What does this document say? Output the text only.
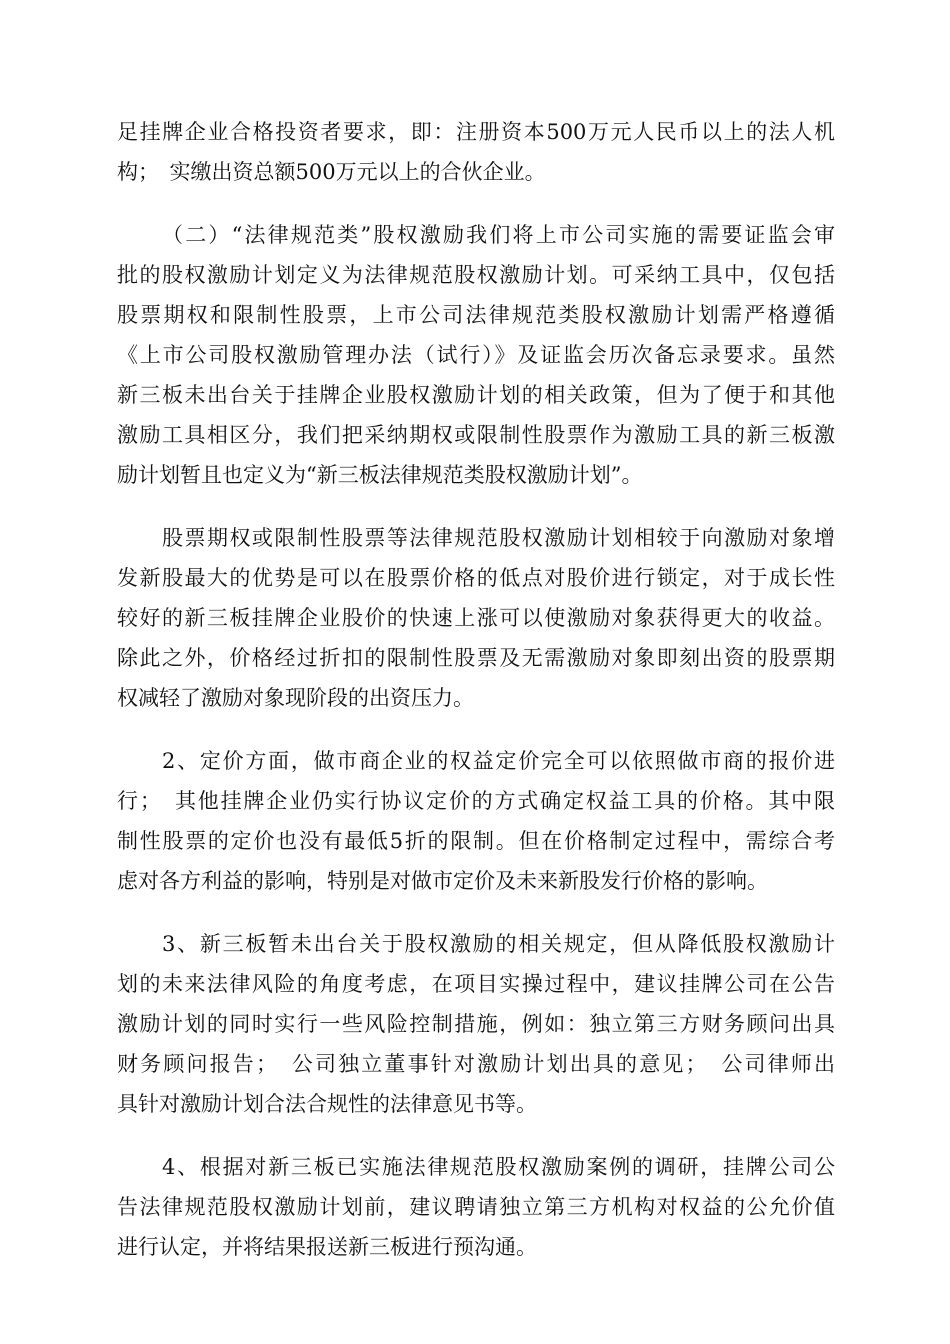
足挂牌企业合格投资者要求，即：注册资本500万元人民币以上的法人机
构；　实缴出资总额500万元以上的合伙企业。
（二）“法律规范类”股权激励我们将上市公司实施的需要证监会审
批的股权激励计划定义为法律规范股权激励计划。可采纳工具中，仅包括
股票期权和限制性股票，上市公司法律规范类股权激励计划需严格遵循
《上市公司股权激励管理办法（试行）》及证监会历次备忘录要求。虽然
新三板未出台关于挂牌企业股权激励计划的相关政策，但为了便于和其他
激励工具相区分，我们把采纳期权或限制性股票作为激励工具的新三板激
励计划暂且也定义为“新三板法律规范类股权激励计划”。
股票期权或限制性股票等法律规范股权激励计划相较于向激励对象增
发新股最大的优势是可以在股票价格的低点对股价进行锁定，对于成长性
较好的新三板挂牌企业股价的快速上涨可以使激励对象获得更大的收益。
除此之外，价格经过折扣的限制性股票及无需激励对象即刻出资的股票期
权减轻了激励对象现阶段的出资压力。
2、定价方面，做市商企业的权益定价完全可以依照做市商的报价进
行；　其他挂牌企业仍实行协议定价的方式确定权益工具的价格。其中限
制性股票的定价也没有最低5折的限制。但在价格制定过程中，需综合考
虑对各方利益的影响，特别是对做市定价及未来新股发行价格的影响。
3、新三板暂未出台关于股权激励的相关规定，但从降低股权激励计
划的未来法律风险的角度考虑，在项目实操过程中，建议挂牌公司在公告
激励计划的同时实行一些风险控制措施，例如：独立第三方财务顾问出具
财务顾问报告；　公司独立董事针对激励计划出具的意见；　公司律师出
具针对激励计划合法合规性的法律意见书等。
4、根据对新三板已实施法律规范股权激励案例的调研，挂牌公司公
告法律规范股权激励计划前，建议聘请独立第三方机构对权益的公允价值
进行认定，并将结果报送新三板进行预沟通。
